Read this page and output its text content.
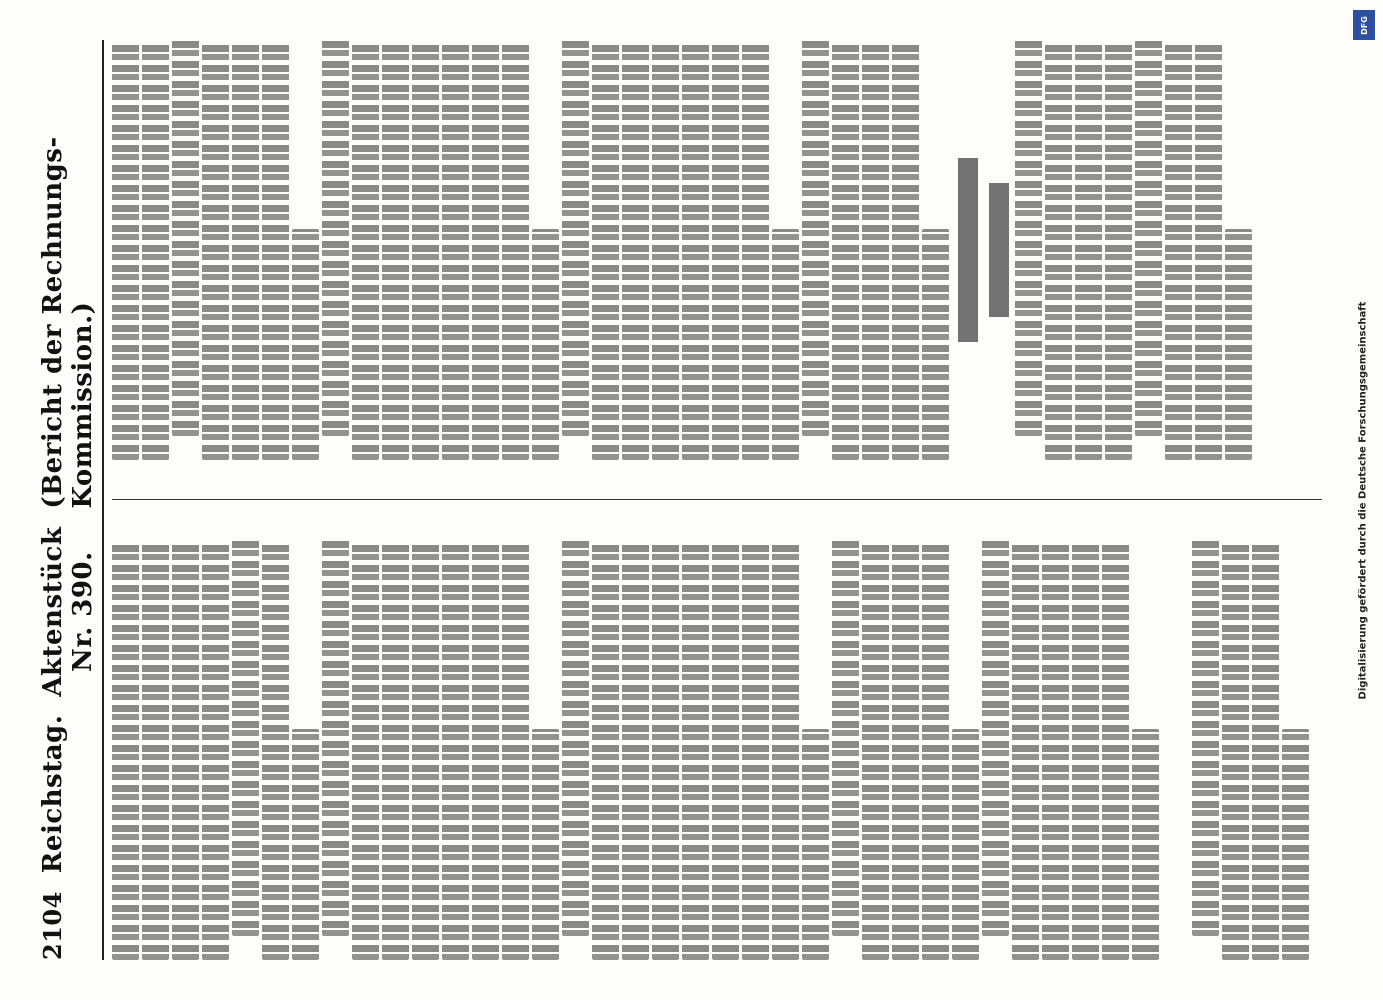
2104
Reichstag.
Aktenstück Nr. 390.
(Bericht der Rechnungs-Kommission.)	Digitalisierung gefördert durch die Deutsche Forschungsgemeinschaft
DFG
